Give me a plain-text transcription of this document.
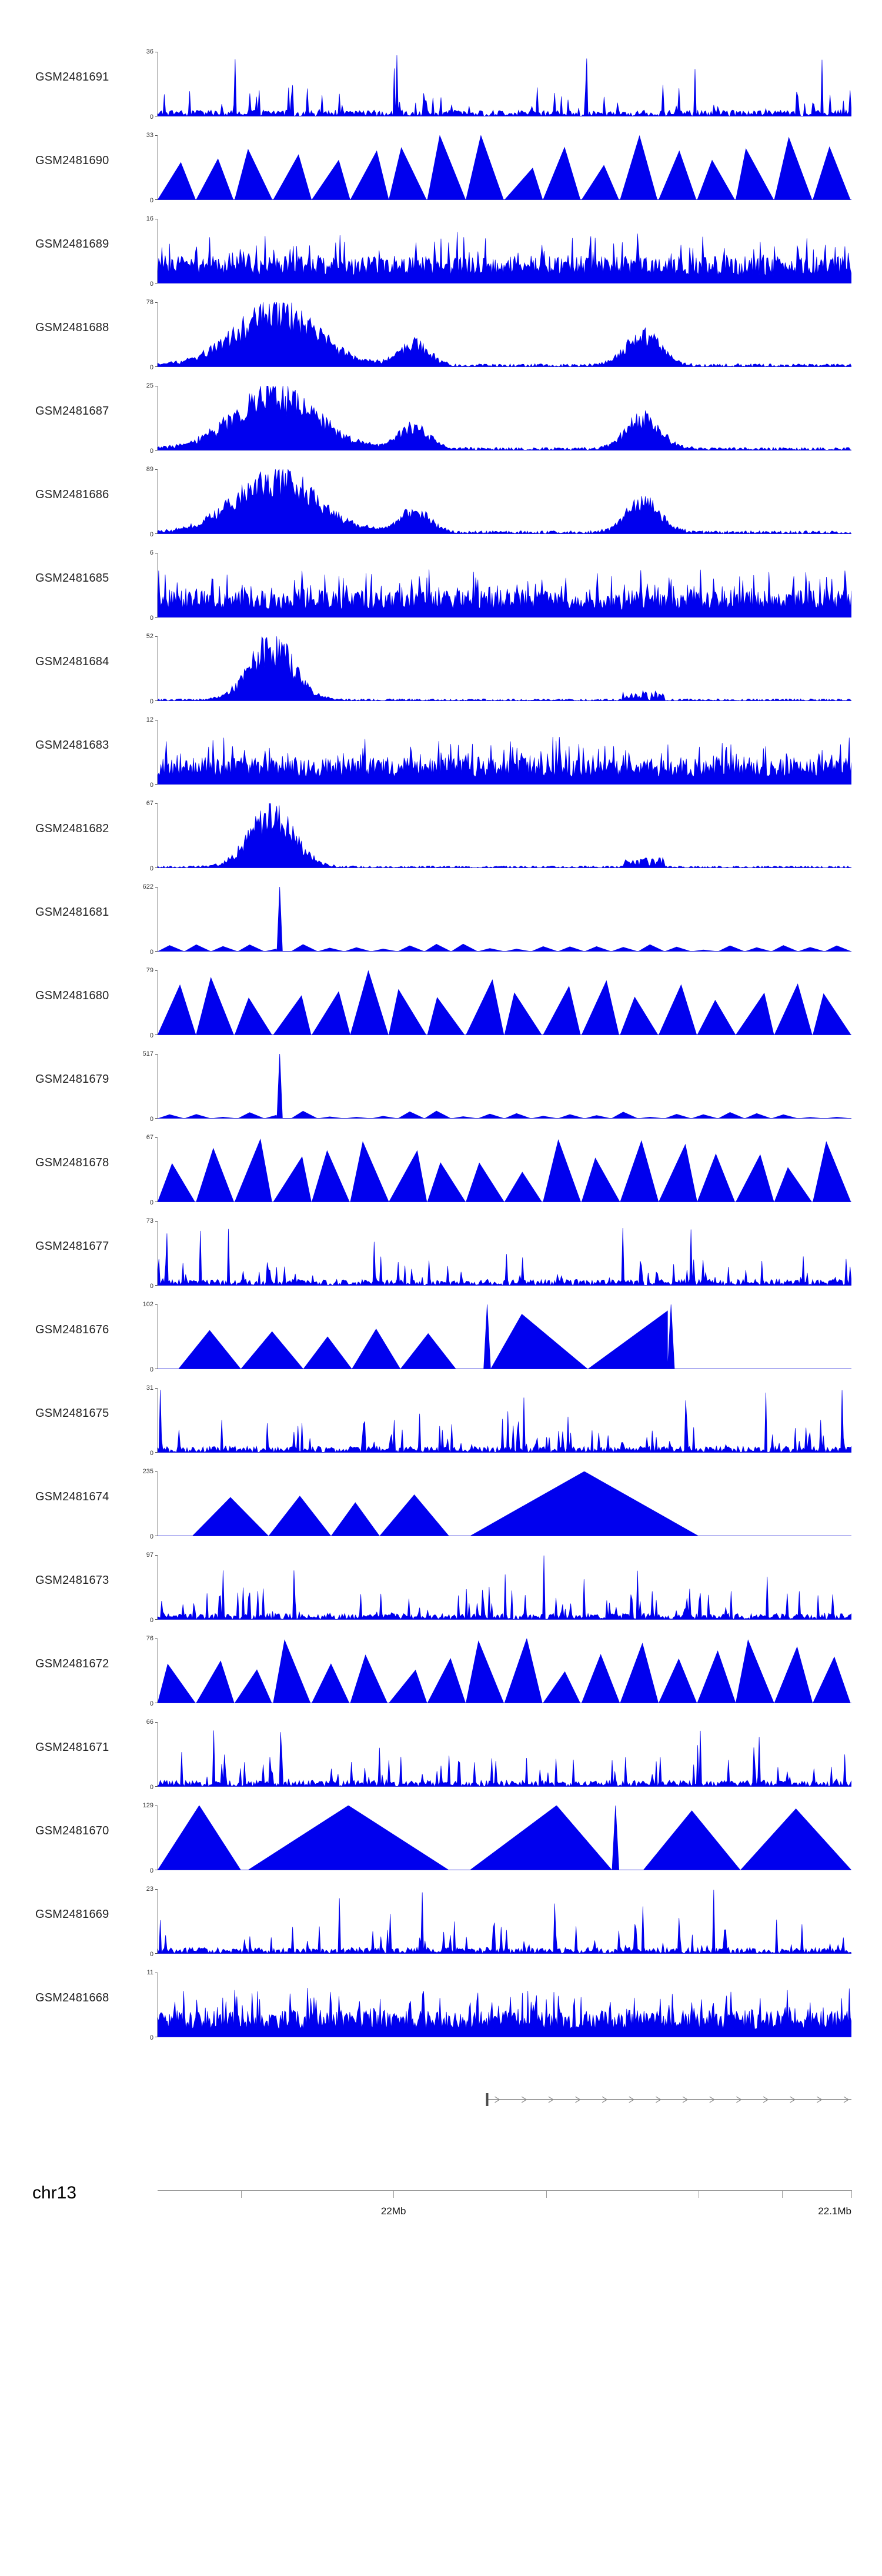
GSM2481691
36
0
GSM2481690
33
0
GSM2481689
16
0
GSM2481688
78
0
GSM2481687
25
0
GSM2481686
89
0
GSM2481685
6
0
GSM2481684
52
0
GSM2481683
12
0
GSM2481682
67
0
GSM2481681
622
0
GSM2481680
79
0
GSM2481679
517
0
GSM2481678
67
0
GSM2481677
73
0
GSM2481676
102
0
GSM2481675
31
0
GSM2481674
235
0
GSM2481673
97
0
GSM2481672
76
0
GSM2481671
66
0
GSM2481670
129
0
GSM2481669
23
0
GSM2481668
11
0
chr13
22Mb	22.1Mb
